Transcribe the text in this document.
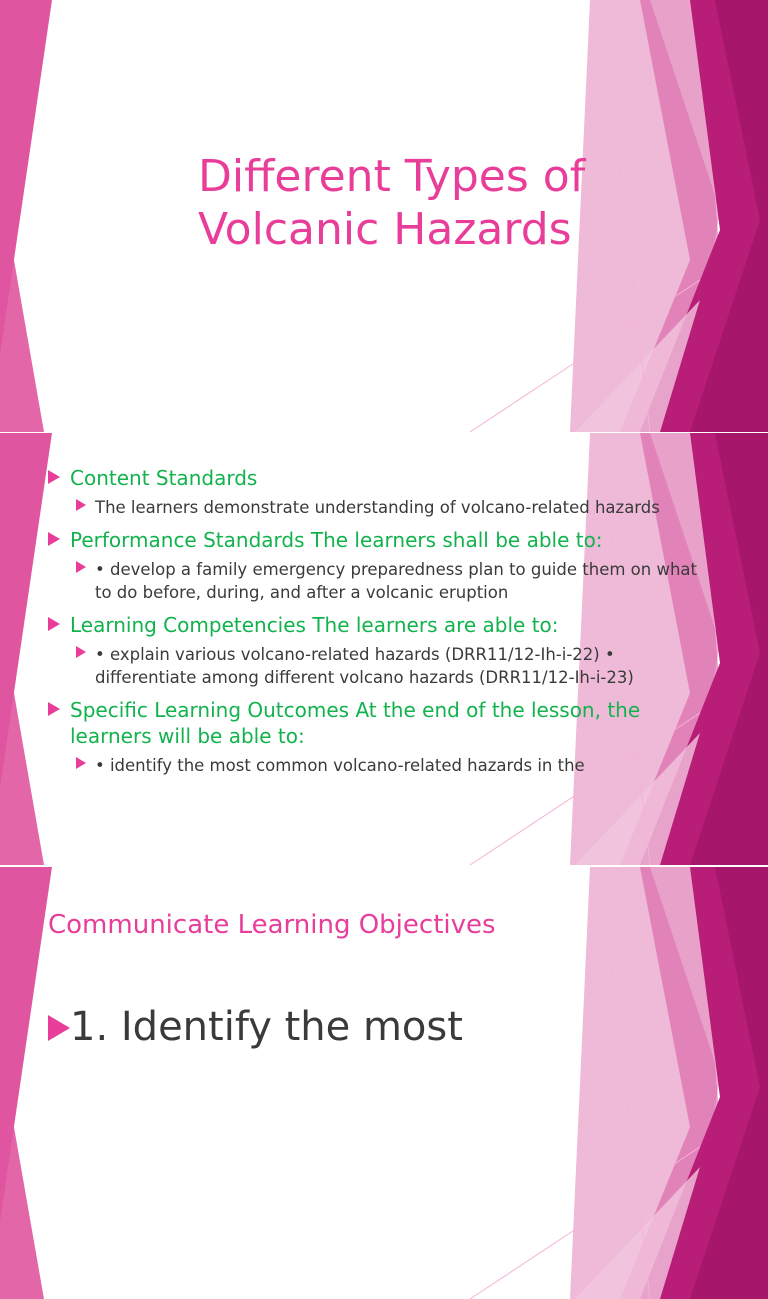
Different Types of Volcanic Hazards
Content Standards
The learners demonstrate understanding of volcano-related hazards
Performance Standards The learners shall be able to:
• develop a family emergency preparedness plan to guide them on what to do before, during, and after a volcanic eruption
Learning Competencies The learners are able to:
• explain various volcano-related hazards (DRR11/12-Ih-i-22) • differentiate among different volcano hazards (DRR11/12-Ih-i-23)
Specific Learning Outcomes At the end of the lesson, the learners will be able to:
• identify the most common volcano-related hazards in the
Communicate Learning Objectives
1. Identify the most
